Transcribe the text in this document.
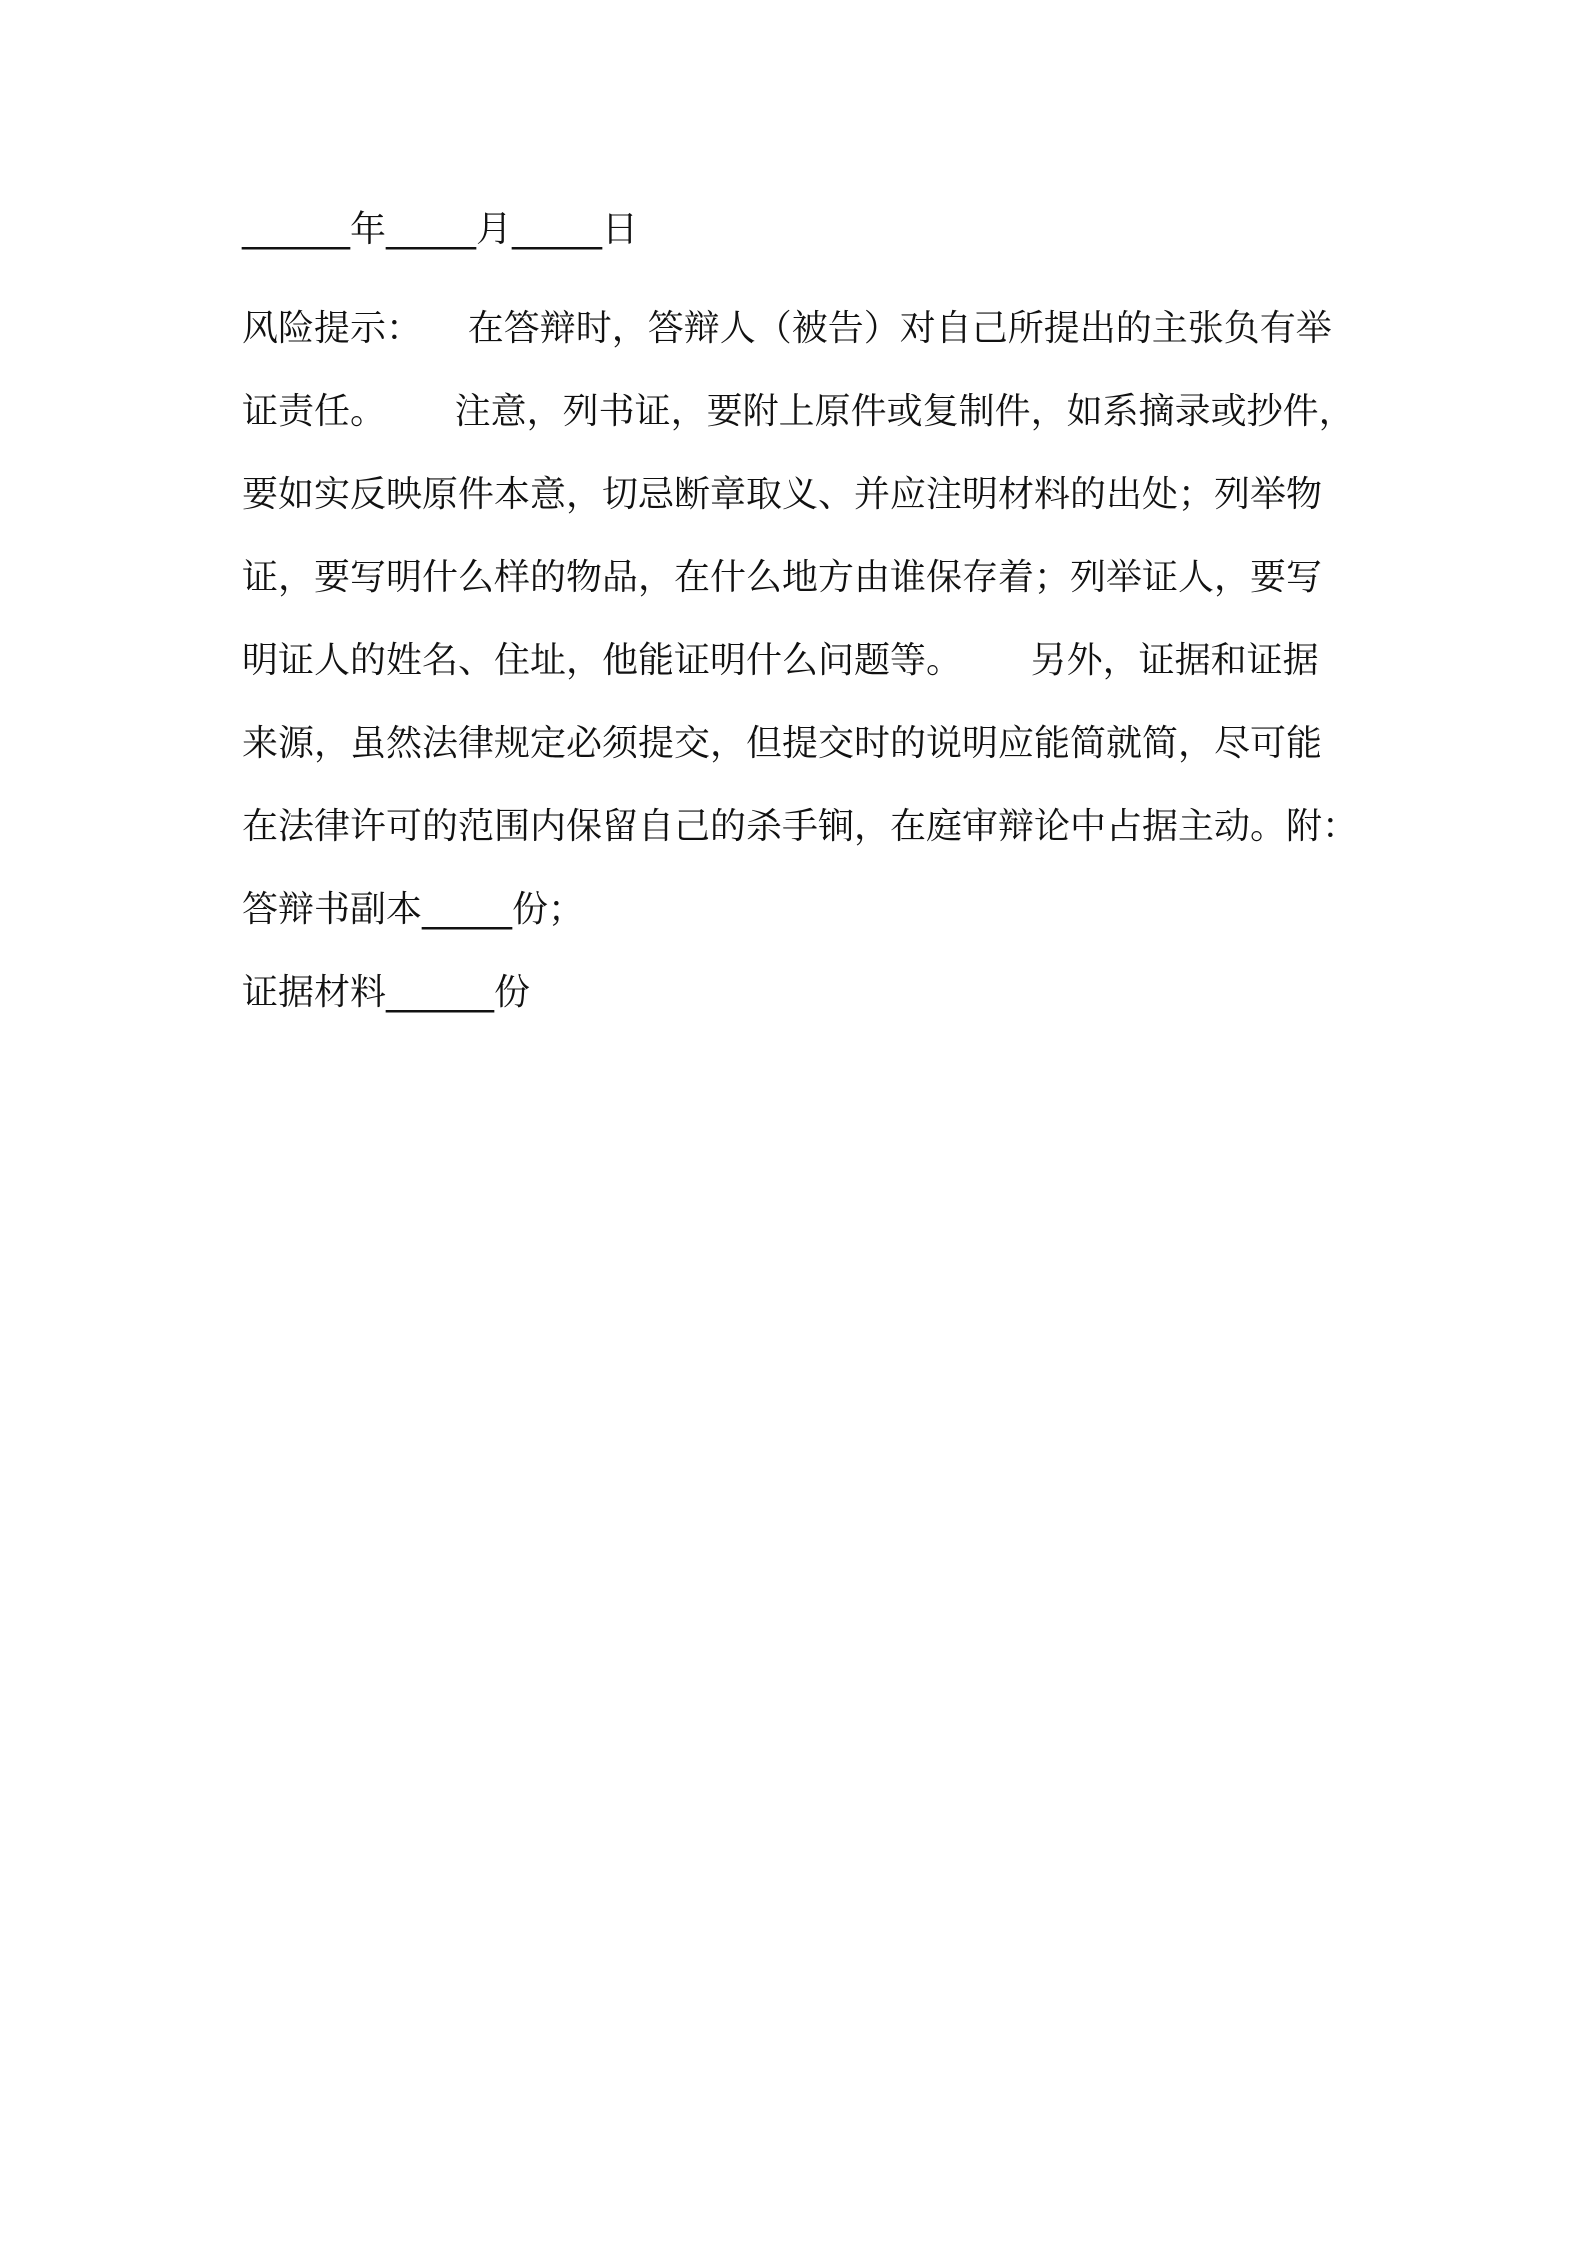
______年_____月_____日
风险提示：    在答辩时，答辩人（被告）对自己所提出的主张负有举
证责任。      注意，列书证，要附上原件或复制件，如系摘录或抄件，
要如实反映原件本意，切忌断章取义、并应注明材料的出处；列举物
证，要写明什么样的物品，在什么地方由谁保存着；列举证人，要写
明证人的姓名、住址，他能证明什么问题等。      另外，证据和证据
来源，虽然法律规定必须提交，但提交时的说明应能简就简，尽可能
在法律许可的范围内保留自己的杀手锏，在庭审辩论中占据主动。附：
答辩书副本_____份；
证据材料______份
